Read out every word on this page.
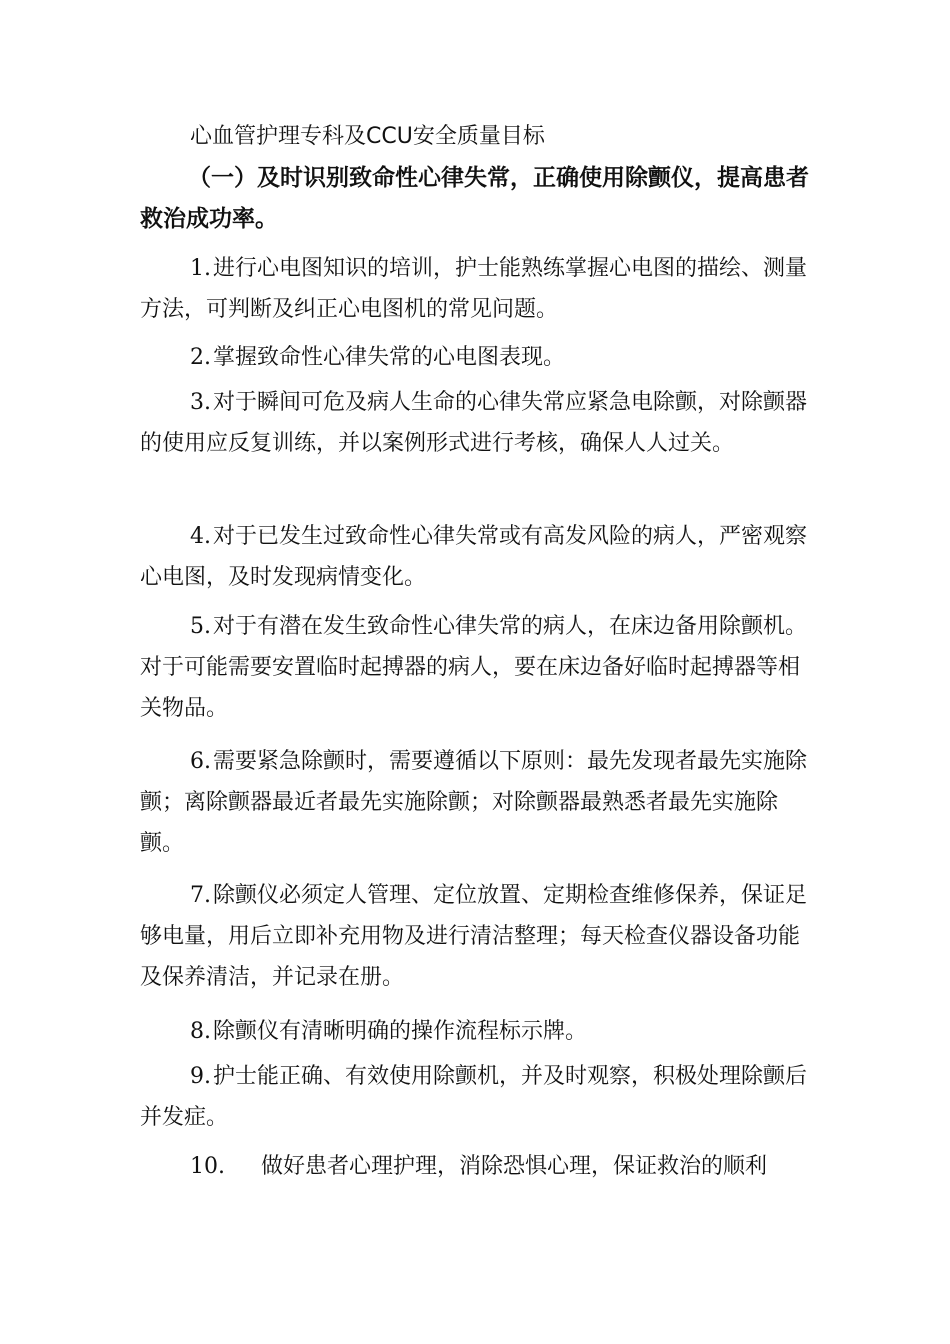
心血管护理专科及CCU安全质量目标

（一）及时识别致命性心律失常，正确使用除颤仪，提高患者救治成功率。

1.进行心电图知识的培训，护士能熟练掌握心电图的描绘、测量方法，可判断及纠正心电图机的常见问题。

2.掌握致命性心律失常的心电图表现。

3.对于瞬间可危及病人生命的心律失常应紧急电除颤，对除颤器的使用应反复训练，并以案例形式进行考核，确保人人过关。

4.对于已发生过致命性心律失常或有高发风险的病人，严密观察心电图，及时发现病情变化。

5.对于有潜在发生致命性心律失常的病人，在床边备用除颤机。对于可能需要安置临时起搏器的病人，要在床边备好临时起搏器等相关物品。

6.需要紧急除颤时，需要遵循以下原则：最先发现者最先实施除颤；离除颤器最近者最先实施除颤；对除颤器最熟悉者最先实施除颤。

7.除颤仪必须定人管理、定位放置、定期检查维修保养，保证足够电量，用后立即补充用物及进行清洁整理；每天检查仪器设备功能及保养清洁，并记录在册。

8.除颤仪有清晰明确的操作流程标示牌。

9.护士能正确、有效使用除颤机，并及时观察，积极处理除颤后并发症。

10. 做好患者心理护理，消除恐惧心理，保证救治的顺利
